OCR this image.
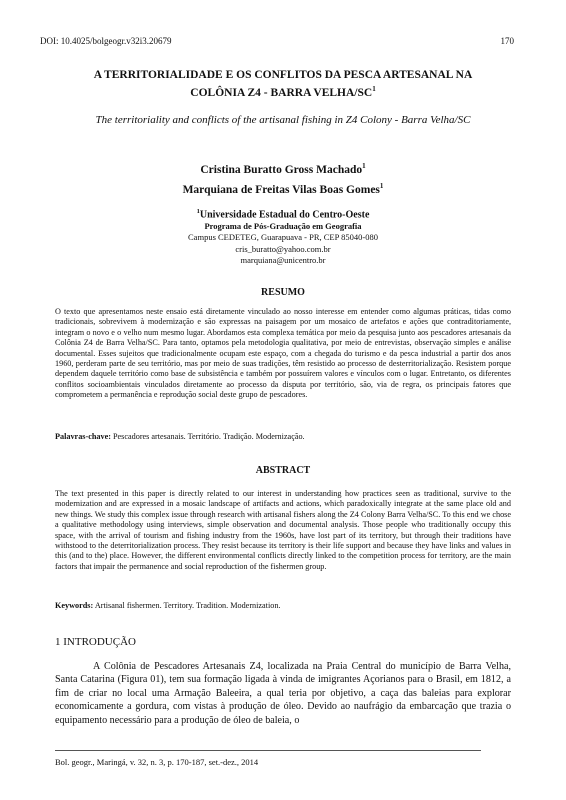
DOI: 10.4025/bolgeogr.v32i3.20679	170
A TERRITORIALIDADE E OS CONFLITOS DA PESCA ARTESANAL NA
COLÔNIA Z4 - BARRA VELHA/$SC^1$
The territoriality and conflicts of the artisanal fishing in Z4 Colony - Barra Velha/SC
Cristina Buratto Gross Machado$^1$
Marquiana de Freitas Vilas Boas Gomes$^1$
$^1$Universidade Estadual do Centro-Oeste
Programa de Pós-Graduação em Geografia
Campus CEDETEG, Guarapuava - PR, CEP 85040-080
cris_buratto@yahoo.com.br
marquiana@unicentro.br
RESUMO
O texto que apresentamos neste ensaio está diretamente vinculado ao nosso interesse em entender como algumas práticas, tidas como tradicionais, sobrevivem à modernização e são expressas na paisagem por um mosaico de artefatos e ações que contraditoriamente, integram o novo e o velho num mesmo lugar. Abordamos esta complexa temática por meio da pesquisa junto aos pescadores artesanais da Colônia Z4 de Barra Velha/SC. Para tanto, optamos pela metodologia qualitativa, por meio de entrevistas, observação simples e análise documental. Esses sujeitos que tradicionalmente ocupam este espaço, com a chegada do turismo e da pesca industrial a partir dos anos 1960, perderam parte de seu território, mas por meio de suas tradições, têm resistido ao processo de desterritorialização. Resistem porque dependem daquele território como base de subsistência e também por possuírem valores e vínculos com o lugar. Entretanto, os diferentes conflitos socioambientais vinculados diretamente ao processo da disputa por território, são, via de regra, os principais fatores que comprometem a permanência e reprodução social deste grupo de pescadores.
Palavras-chave: Pescadores artesanais. Território. Tradição. Modernização.
ABSTRACT
The text presented in this paper is directly related to our interest in understanding how practices seen as traditional, survive to the modernization and are expressed in a mosaic landscape of artifacts and actions, which paradoxically integrate at the same place old and new things. We study this complex issue through research with artisanal fishers along the Z4 Colony Barra Velha/SC. To this end we chose a qualitative methodology using interviews, simple observation and documental analysis. Those people who traditionally occupy this space, with the arrival of tourism and fishing industry from the 1960s, have lost part of its territory, but through their traditions have withstood to the deterritorialization process. They resist because its territory is their life support and because they have links and values in this (and to the) place. However, the different environmental conflicts directly linked to the competition process for territory, are the main factors that impair the permanence and social reproduction of the fishermen group.
Keywords: Artisanal fishermen. Territory. Tradition. Modernization.
1 INTRODUÇÃO
A Colônia de Pescadores Artesanais Z4, localizada na Praia Central do município de Barra Velha, Santa Catarina (Figura 01), tem sua formação ligada à vinda de imigrantes Açorianos para o Brasil, em 1812, a fim de criar no local uma Armação Baleeira, a qual teria por objetivo, a caça das baleias para explorar economicamente a gordura, com vistas à produção de óleo. Devido ao naufrágio da embarcação que trazia o equipamento necessário para a produção de óleo de baleia, o
Bol. geogr., Maringá, v. 32, n. 3, p. 170-187, set.-dez., 2014
